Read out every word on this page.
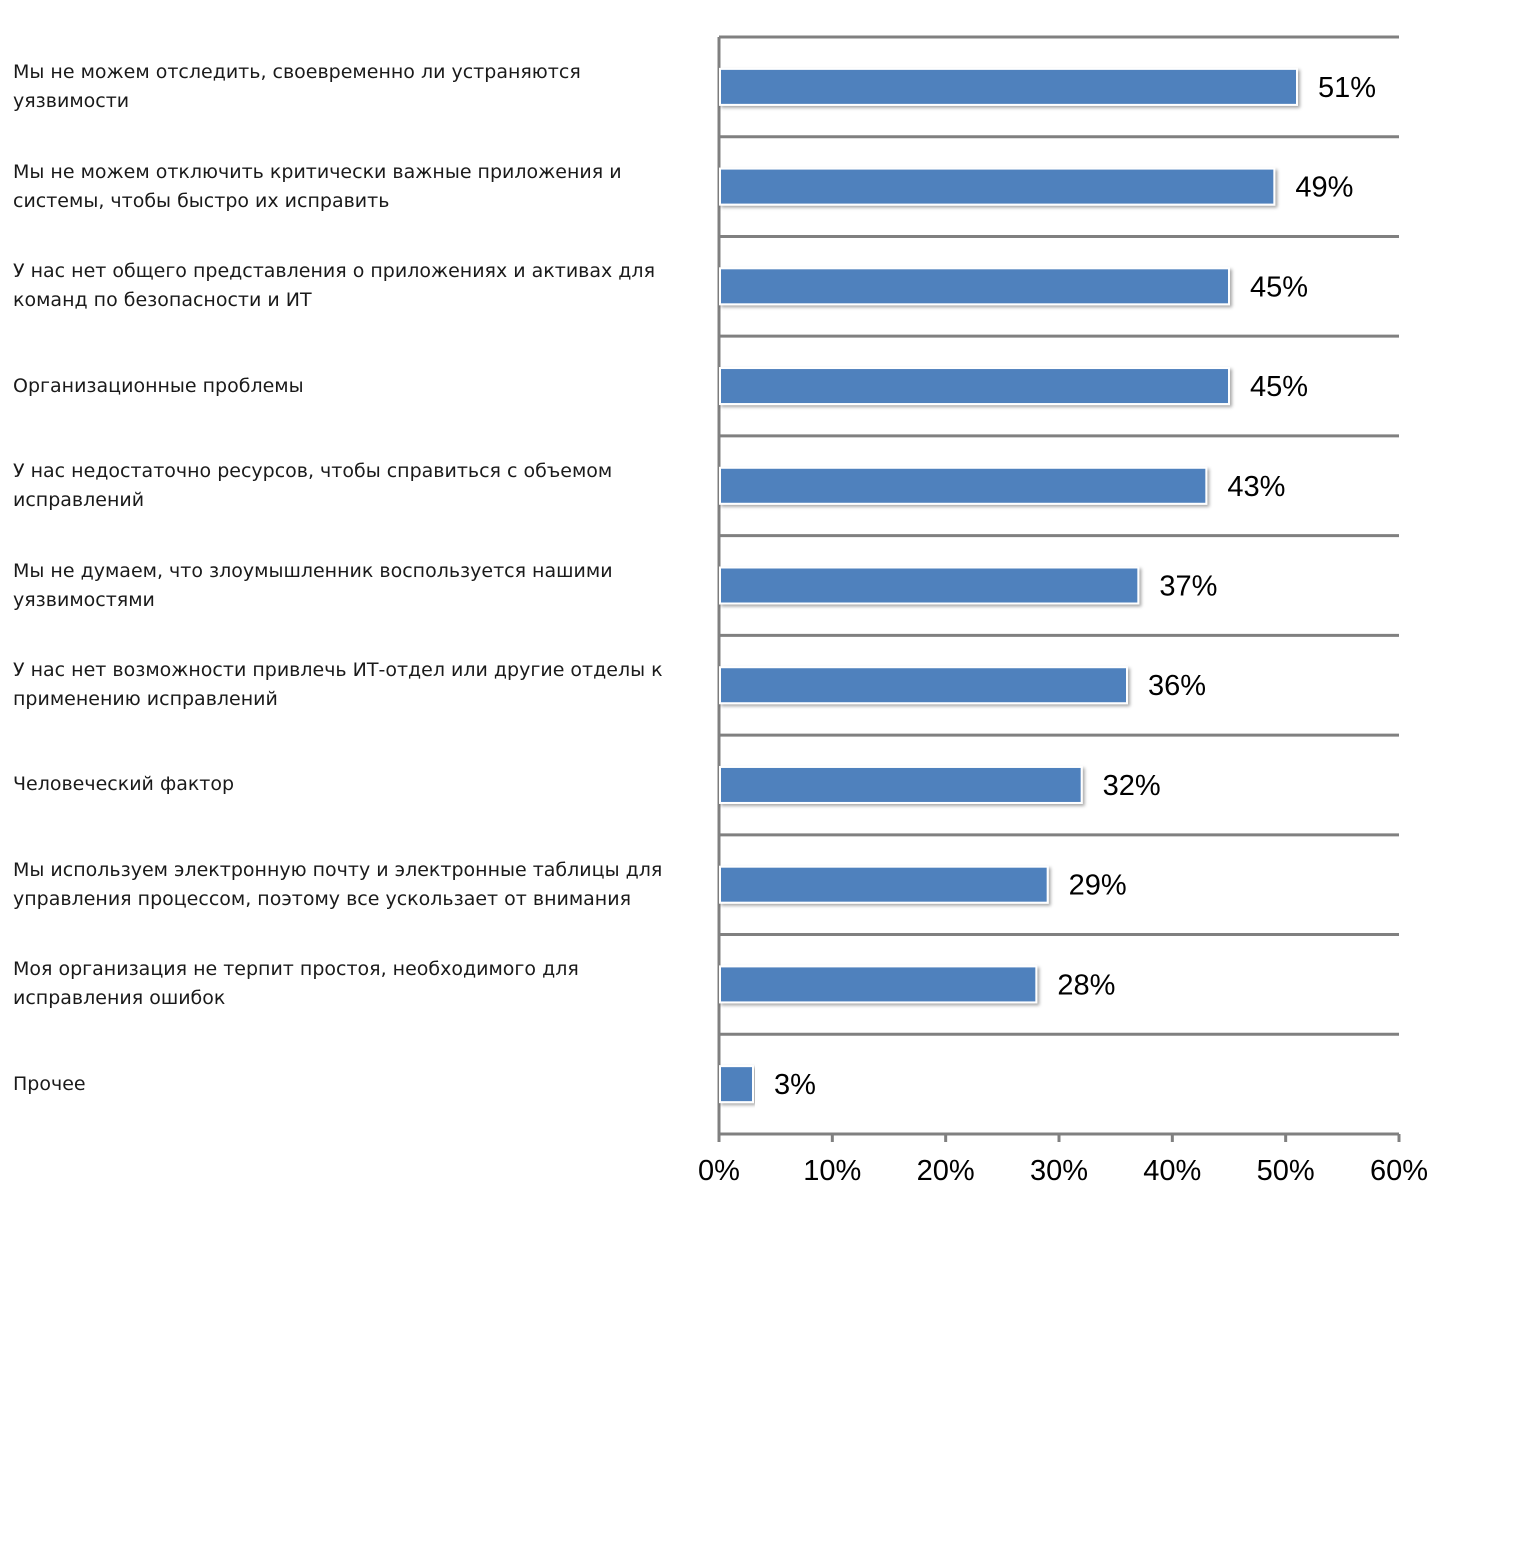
Мы не можем отследить, своевременно ли устраняются уязвимости
Мы не можем отключить критически важные приложения и системы, чтобы быстро их исправить
У нас нет общего представления о приложениях и активах для команд по безопасности и ИТ
Организационные проблемы
У нас недостаточно ресурсов, чтобы справиться с объемом исправлений
Мы не думаем, что злоумышленник воспользуется нашими уязвимостями
У нас нет возможности привлечь ИТ-отдел или другие отделы к применению исправлений
Человеческий фактор
Мы используем электронную почту и электронные таблицы для управления процессом, поэтому все ускользает от внимания
Моя организация не терпит простоя, необходимого для исправления ошибок
Прочее
0% 10% 20% 30% 40% 50% 60%
51%
49%
45%
45%
43%
37%
36%
32%
29%
28%
3%
